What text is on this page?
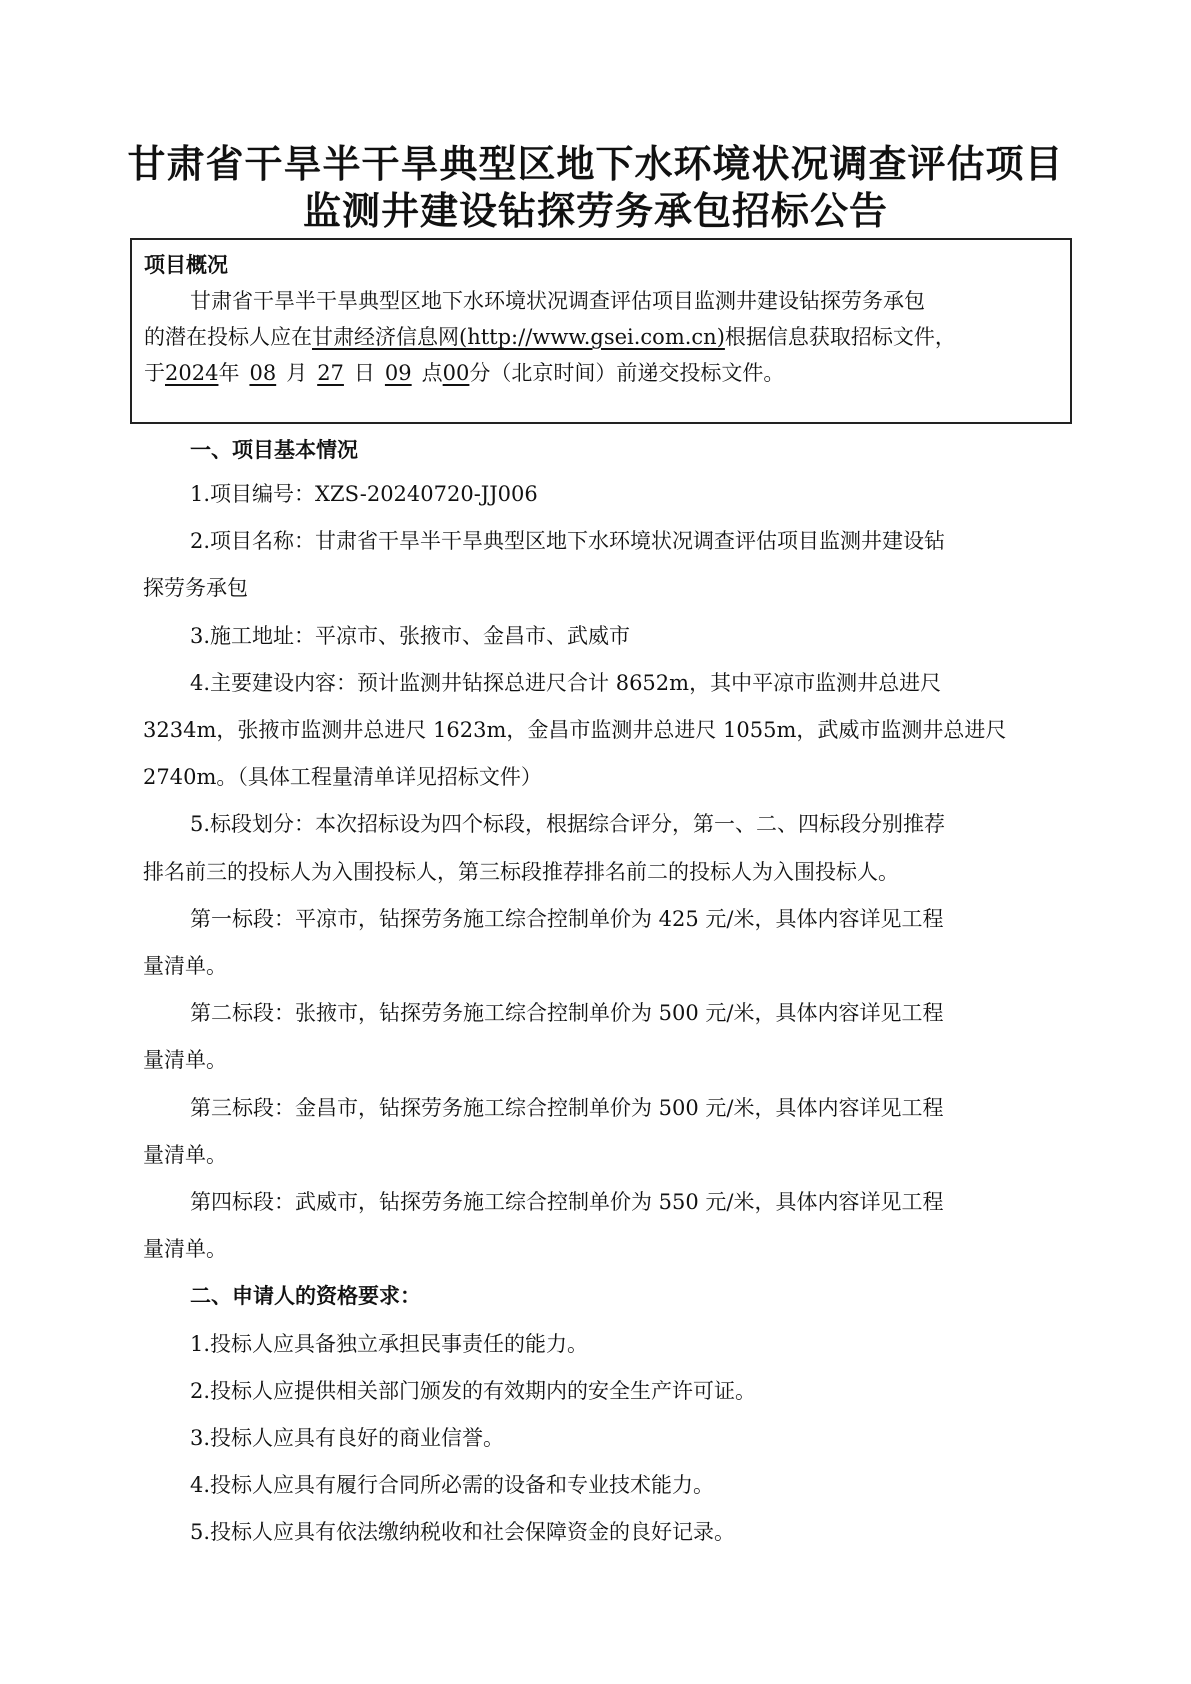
甘肃省干旱半干旱典型区地下水环境状况调查评估项目
监测井建设钻探劳务承包招标公告
项目概况
甘肃省干旱半干旱典型区地下水环境状况调查评估项目监测井建设钻探劳务承包
的潜在投标人应在甘肃经济信息网(http://www.gsei.com.cn)根据信息获取招标文件，
于2024年 08 月 27 日 09 点00分（北京时间）前递交投标文件。
一、项目基本情况
1.项目编号：XZS-20240720-JJ006
2.项目名称：甘肃省干旱半干旱典型区地下水环境状况调查评估项目监测井建设钻
探劳务承包
3.施工地址：平凉市、张掖市、金昌市、武威市
4.主要建设内容：预计监测井钻探总进尺合计 8652m，其中平凉市监测井总进尺
3234m，张掖市监测井总进尺 1623m，金昌市监测井总进尺 1055m，武威市监测井总进尺
2740m。（具体工程量清单详见招标文件）
5.标段划分：本次招标设为四个标段，根据综合评分，第一、二、四标段分别推荐
排名前三的投标人为入围投标人，第三标段推荐排名前二的投标人为入围投标人。
第一标段：平凉市，钻探劳务施工综合控制单价为 425 元/米，具体内容详见工程
量清单。
第二标段：张掖市，钻探劳务施工综合控制单价为 500 元/米，具体内容详见工程
量清单。
第三标段：金昌市，钻探劳务施工综合控制单价为 500 元/米，具体内容详见工程
量清单。
第四标段：武威市，钻探劳务施工综合控制单价为 550 元/米，具体内容详见工程
量清单。
二、申请人的资格要求：
1.投标人应具备独立承担民事责任的能力。
2.投标人应提供相关部门颁发的有效期内的安全生产许可证。
3.投标人应具有良好的商业信誉。
4.投标人应具有履行合同所必需的设备和专业技术能力。
5.投标人应具有依法缴纳税收和社会保障资金的良好记录。
